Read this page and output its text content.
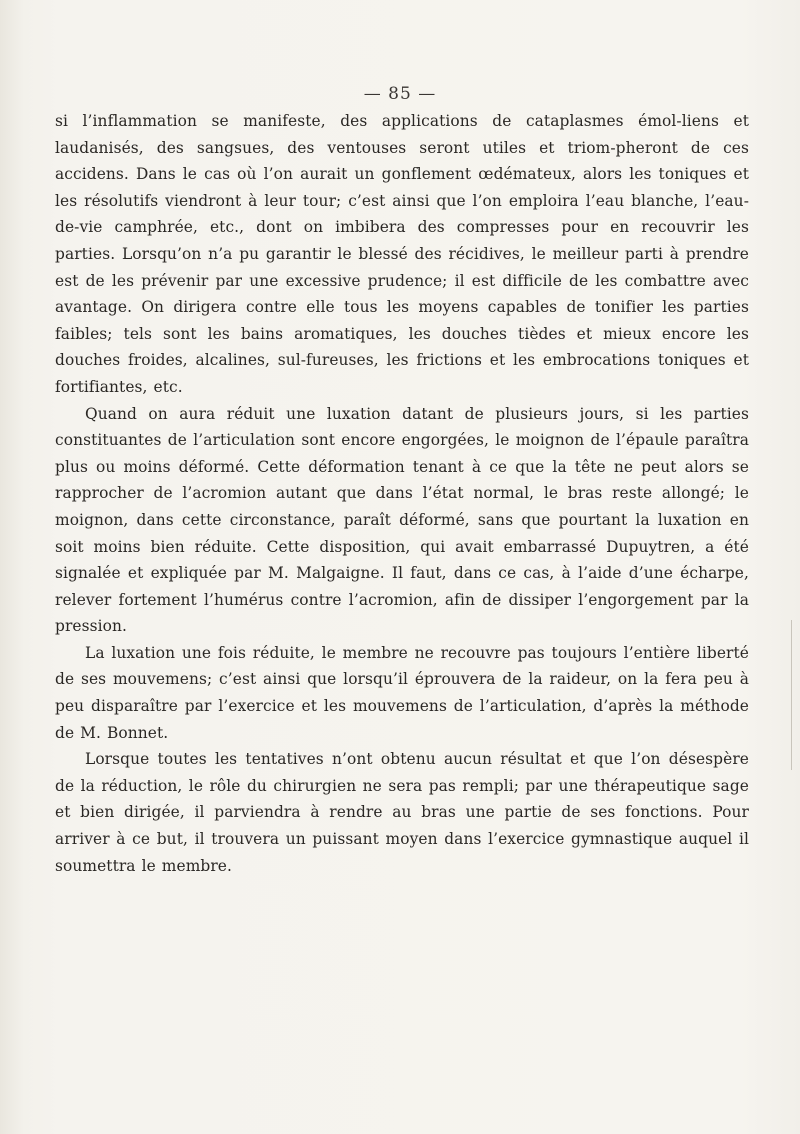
— 85 —

si l’inflammation se manifeste, des applications de cataplasmes émol-liens et laudanisés, des sangsues, des ventouses seront utiles et triom-pheront de ces accidens. Dans le cas où l’on aurait un gonflement œdémateux, alors les toniques et les résolutifs viendront à leur tour; c’est ainsi que l’on emploira l’eau blanche, l’eau-de-vie camphrée, etc., dont on imbibera des compresses pour en recouvrir les parties. Lorsqu’on n’a pu garantir le blessé des récidives, le meilleur parti à prendre est de les prévenir par une excessive prudence; il est difficile de les combattre avec avantage. On dirigera contre elle tous les moyens capables de tonifier les parties faibles; tels sont les bains aromatiques, les douches tièdes et mieux encore les douches froides, alcalines, sul-fureuses, les frictions et les embrocations toniques et fortifiantes, etc.

Quand on aura réduit une luxation datant de plusieurs jours, si les parties constituantes de l’articulation sont encore engorgées, le moignon de l’épaule paraîtra plus ou moins déformé. Cette déformation tenant à ce que la tête ne peut alors se rapprocher de l’acromion autant que dans l’état normal, le bras reste allongé; le moignon, dans cette circonstance, paraît déformé, sans que pourtant la luxation en soit moins bien réduite. Cette disposition, qui avait embarrassé Dupuytren, a été signalée et expliquée par M. Malgaigne. Il faut, dans ce cas, à l’aide d’une écharpe, relever fortement l’humérus contre l’acromion, afin de dissiper l’engorgement par la pression.

La luxation une fois réduite, le membre ne recouvre pas toujours l’entière liberté de ses mouvemens; c’est ainsi que lorsqu’il éprouvera de la raideur, on la fera peu à peu disparaître par l’exercice et les mouvemens de l’articulation, d’après la méthode de M. Bonnet.

Lorsque toutes les tentatives n’ont obtenu aucun résultat et que l’on désespère de la réduction, le rôle du chirurgien ne sera pas rempli; par une thérapeutique sage et bien dirigée, il parviendra à rendre au bras une partie de ses fonctions. Pour arriver à ce but, il trouvera un puissant moyen dans l’exercice gymnastique auquel il soumettra le membre.
